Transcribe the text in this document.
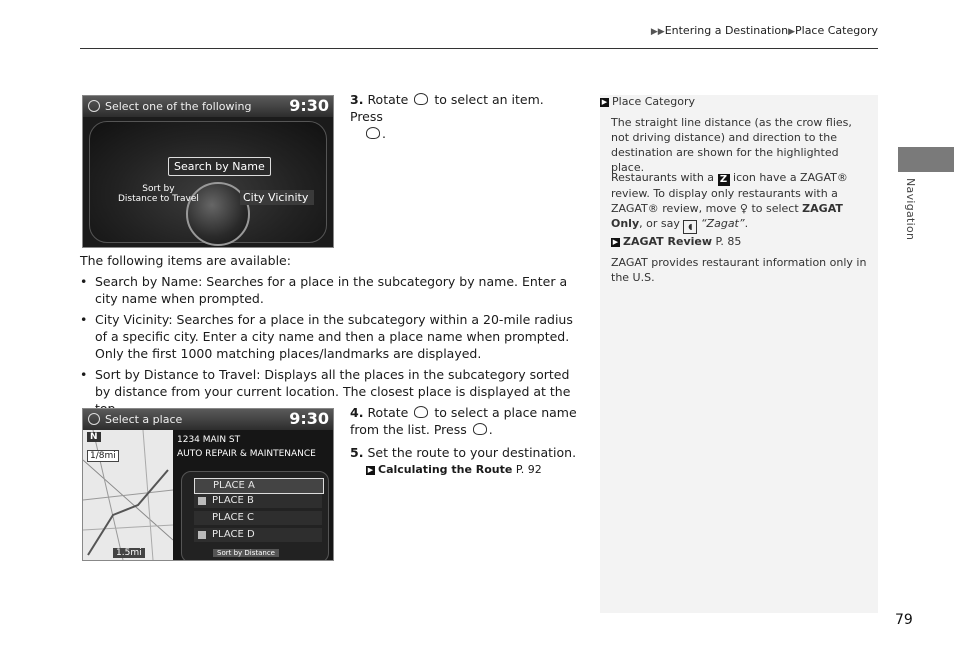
▶▶Entering a Destination▶Place Category
Navigation
Select one of the following 9:30
Search by Name
Sort by
Distance to Travel	City Vicinity
3. Rotate to select an item. Press
.
The following items are available:
• Search by Name: Searches for a place in the subcategory by name. Enter a city name when prompted.
• City Vicinity: Searches for a place in the subcategory within a 20-mile radius of a specific city. Enter a city name and then a place name when prompted. Only the first 1000 matching places/landmarks are displayed.
• Sort by Distance to Travel: Displays all the places in the subcategory sorted by distance from your current location. The closest place is displayed at the
Select a place	9:30
N
1/8mi
1.5mi
1234 MAIN ST
AUTO REPAIR & MAINTENANCE
PLACE A
PLACE B
PLACE C
PLACE D
Sort by Distance
4. Rotate to select a place name from the list. Press .
5. Set the route to your destination.
▶ Calculating the Route P. 92
▶ Place Category
The straight line distance (as the crow flies, not driving distance) and direction to the destination are shown for the highlighted place.
Restaurants with a Z icon have a ZAGAT® review. To display only restaurants with a ZAGAT® review, move ♀ to select ZAGAT Only, or say ◖ “Zagat”.
▶ ZAGAT Review P. 85
ZAGAT provides restaurant information only in the U.S.
79
